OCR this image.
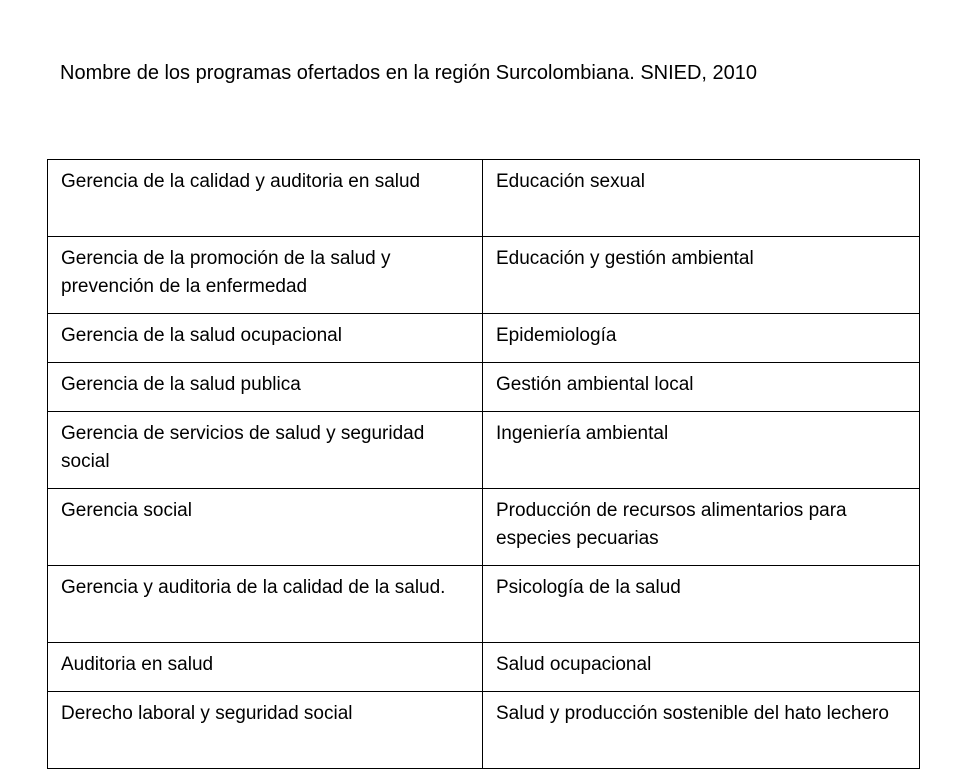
Nombre de los programas ofertados en la región Surcolombiana. SNIED, 2010
Gerencia de la calidad y auditoria en salud	Educación sexual
Gerencia de la promoción de la salud y prevención de la enfermedad	Educación y gestión ambiental
Gerencia de la salud ocupacional	Epidemiología
Gerencia de la salud publica	Gestión ambiental local
Gerencia de servicios de salud y seguridad social	Ingeniería ambiental
Gerencia social	Producción de recursos alimentarios para especies pecuarias
Gerencia y auditoria de la calidad de la salud.	Psicología de la salud
Auditoria en salud	Salud ocupacional
Derecho laboral y seguridad social	Salud y producción sostenible del hato lechero
